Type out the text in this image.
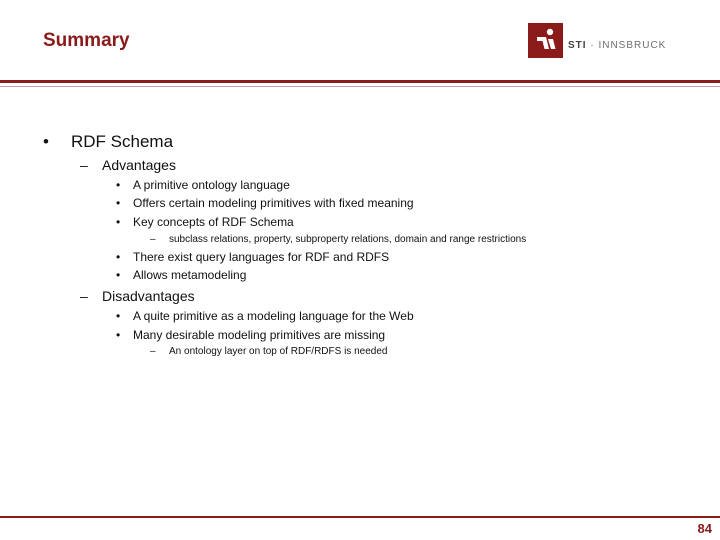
Summary	STI · INNSBRUCK
• RDF Schema
– Advantages
• A primitive ontology language
• Offers certain modeling primitives with fixed meaning
• Key concepts of RDF Schema
– subclass relations, property, subproperty relations, domain and range restrictions
• There exist query languages for RDF and RDFS
• Allows metamodeling
– Disadvantages
• A quite primitive as a modeling language for the Web
• Many desirable modeling primitives are missing
– An ontology layer on top of RDF/RDFS is needed
84
